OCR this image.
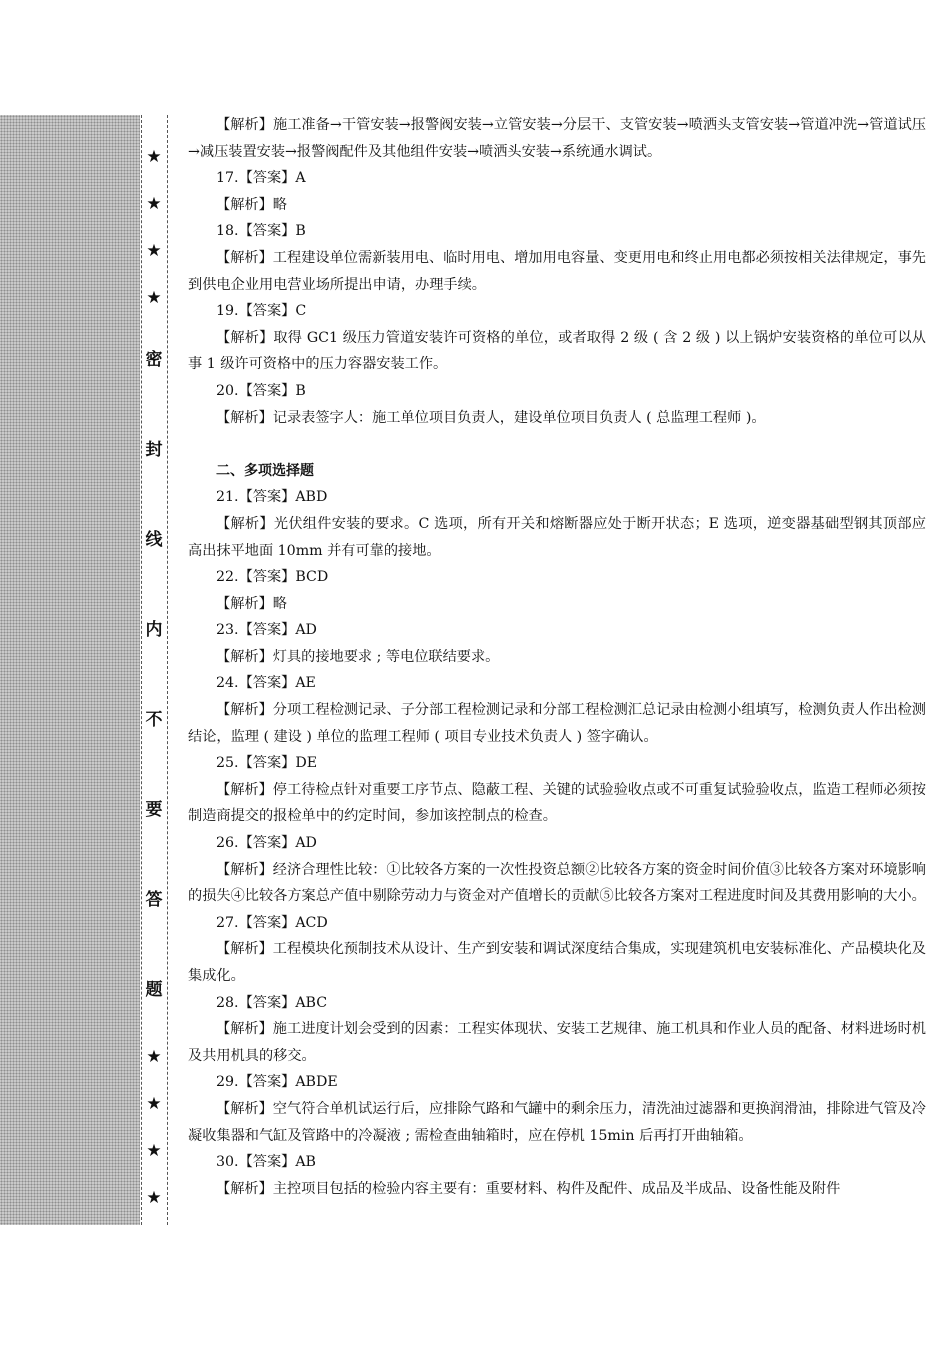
★
★
★
★
密
封
线
内
不
要
答
题
★
★
★
★

【解析】施工准备→干管安装→报警阀安装→立管安装→分层干、支管安装→喷洒头支管安装→管道冲洗→管道试压→减压装置安装→报警阀配件及其他组件安装→喷洒头安装→系统通水调试。

17.【答案】A

【解析】略

18.【答案】B

【解析】工程建设单位需新装用电、临时用电、增加用电容量、变更用电和终止用电都必须按相关法律规定，事先到供电企业用电营业场所提出申请，办理手续。

19.【答案】C

【解析】取得 GC1 级压力管道安装许可资格的单位，或者取得 2 级 ( 含 2 级 ) 以上锅炉安装资格的单位可以从事 1 级许可资格中的压力容器安装工作。

20.【答案】B

【解析】记录表签字人：施工单位项目负责人，建设单位项目负责人 ( 总监理工程师 )。

二、多项选择题

21.【答案】ABD

【解析】光伏组件安装的要求。C 选项，所有开关和熔断器应处于断开状态；E 选项，逆变器基础型钢其顶部应高出抹平地面 10mm 并有可靠的接地。

22.【答案】BCD

【解析】略

23.【答案】AD

【解析】灯具的接地要求 ; 等电位联结要求。

24.【答案】AE

【解析】分项工程检测记录、子分部工程检测记录和分部工程检测汇总记录由检测小组填写，检测负责人作出检测结论，监理 ( 建设 ) 单位的监理工程师 ( 项目专业技术负责人 ) 签字确认。

25.【答案】DE

【解析】停工待检点针对重要工序节点、隐蔽工程、关键的试验验收点或不可重复试验验收点，监造工程师必须按制造商提交的报检单中的约定时间，参加该控制点的检查。

26.【答案】AD

【解析】经济合理性比较：①比较各方案的一次性投资总额②比较各方案的资金时间价值③比较各方案对环境影响的损失④比较各方案总产值中剔除劳动力与资金对产值增长的贡献⑤比较各方案对工程进度时间及其费用影响的大小。

27.【答案】ACD

【解析】工程模块化预制技术从设计、生产到安装和调试深度结合集成，实现建筑机电安装标准化、产品模块化及集成化。

28.【答案】ABC

【解析】施工进度计划会受到的因素：工程实体现状、安装工艺规律、施工机具和作业人员的配备、材料进场时机及共用机具的移交。

29.【答案】ABDE

【解析】空气符合单机试运行后，应排除气路和气罐中的剩余压力，清洗油过滤器和更换润滑油，排除进气管及冷凝收集器和气缸及管路中的冷凝液 ; 需检查曲轴箱时，应在停机 15min 后再打开曲轴箱。

30.【答案】AB

【解析】主控项目包括的检验内容主要有：重要材料、构件及配件、成品及半成品、设备性能及附件
